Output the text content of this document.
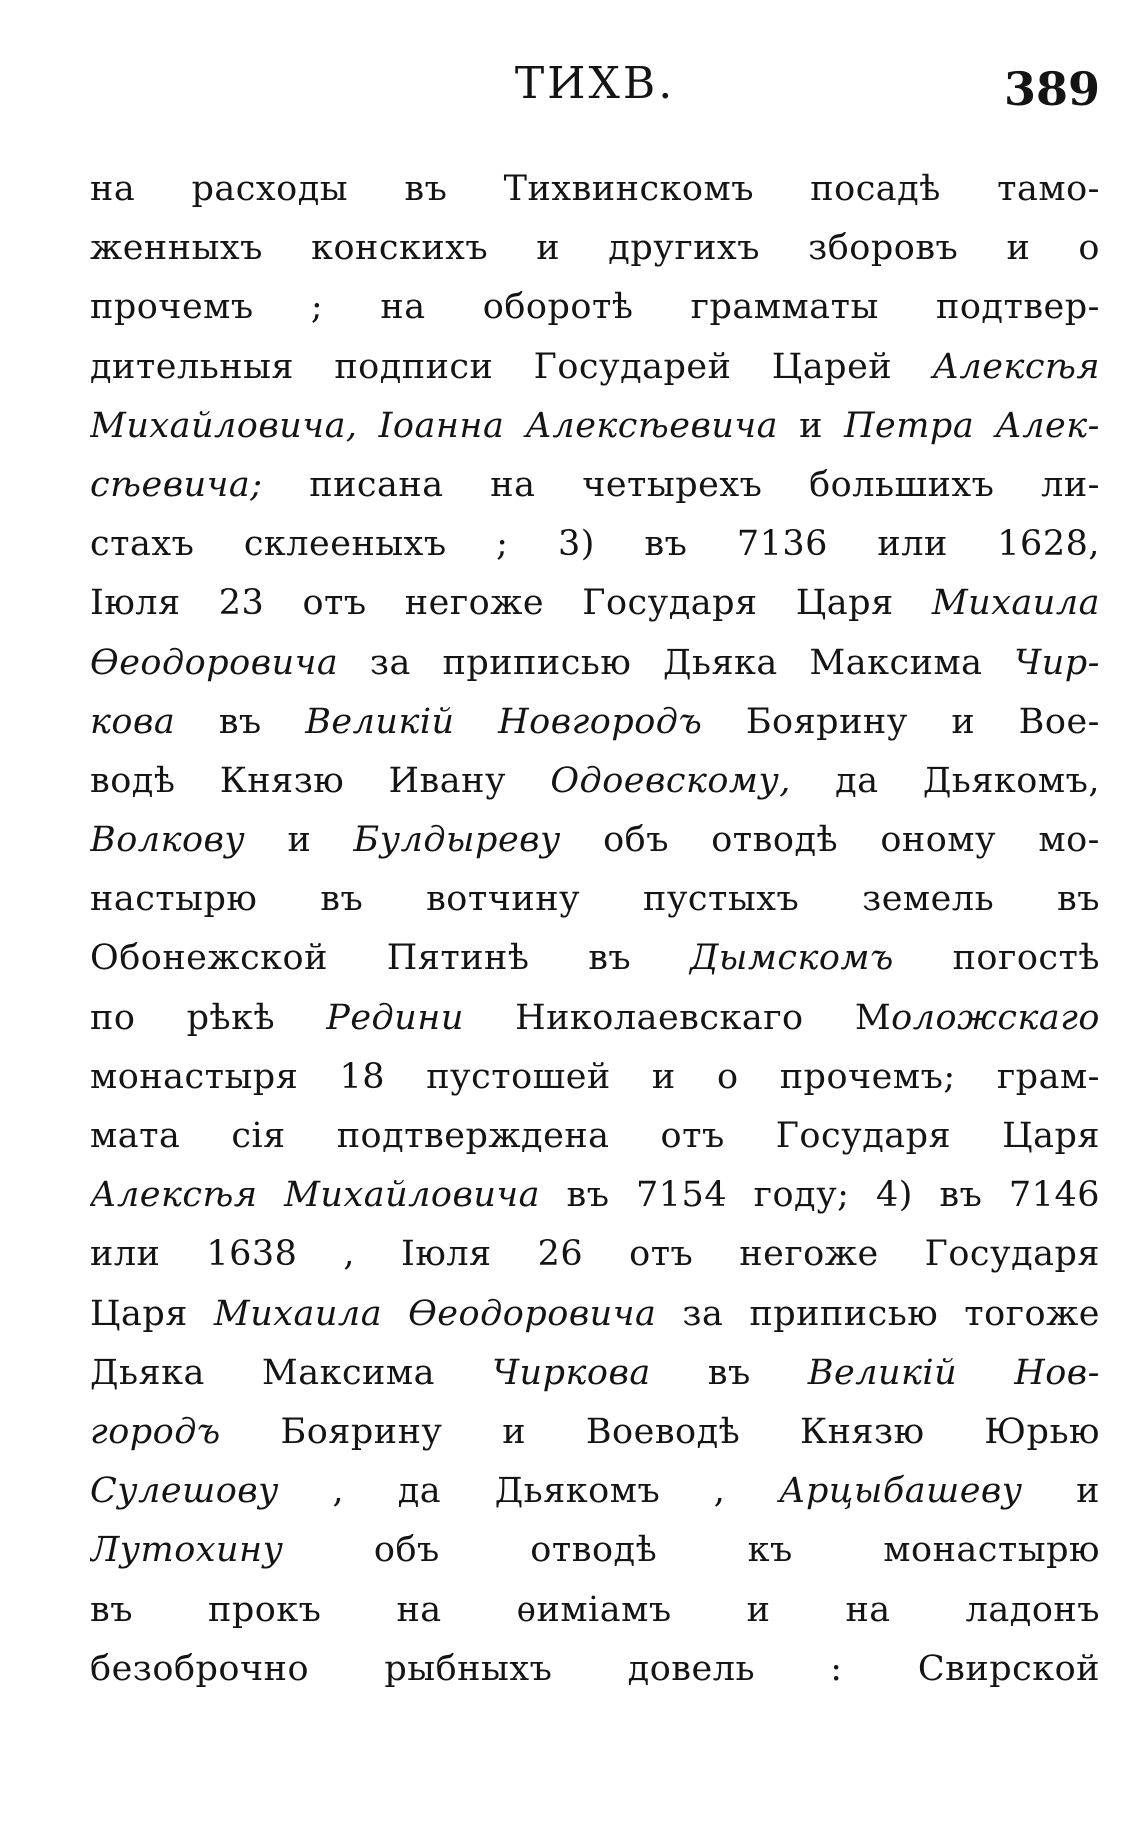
ТИХВ.	389
на расходы въ Тихвинскомъ посадѣ тамо-
женныхъ конскихъ и другихъ зборовъ и о
прочемъ ; на оборотѣ грамматы подтвер-
дительныя подписи Государей Царей Алексѣя
Михайловича, Іоанна Алексѣевича и Петра Алек-
сѣевича; писана на четырехъ большихъ ли-
стахъ склееныхъ ; 3) въ 7136 или 1628,
Іюля 23 отъ негоже Государя Царя Михаила
Ѳеодоровича за приписью Дьяка Максима Чир-
кова въ Великій Новгородъ Боярину и Вое-
водѣ Князю Ивану Одоевскому, да Дьякомъ,
Волкову и Булдыреву объ отводѣ оному мо-
настырю въ вотчину пустыхъ земель въ
Обонежской Пятинѣ въ Дымскомъ погостѣ
по рѣкѣ Редини Николаевскаго Моложскаго
монастыря 18 пустошей и о прочемъ; грам-
мата сія подтверждена отъ Государя Царя
Алексѣя Михайловича въ 7154 году; 4) въ 7146
или 1638 , Іюля 26 отъ негоже Государя
Царя Михаила Ѳеодоровича за приписью тогоже
Дьяка Максима Чиркова въ Великій Нов-
городъ Боярину и Воеводѣ Князю Юрью
Сулешову , да Дьякомъ , Арцыбашеву и
Лутохину объ отводѣ къ монастырю
въ прокъ на ѳиміамъ и на ладонъ
безоброчно рыбныхъ довель : Свирской
